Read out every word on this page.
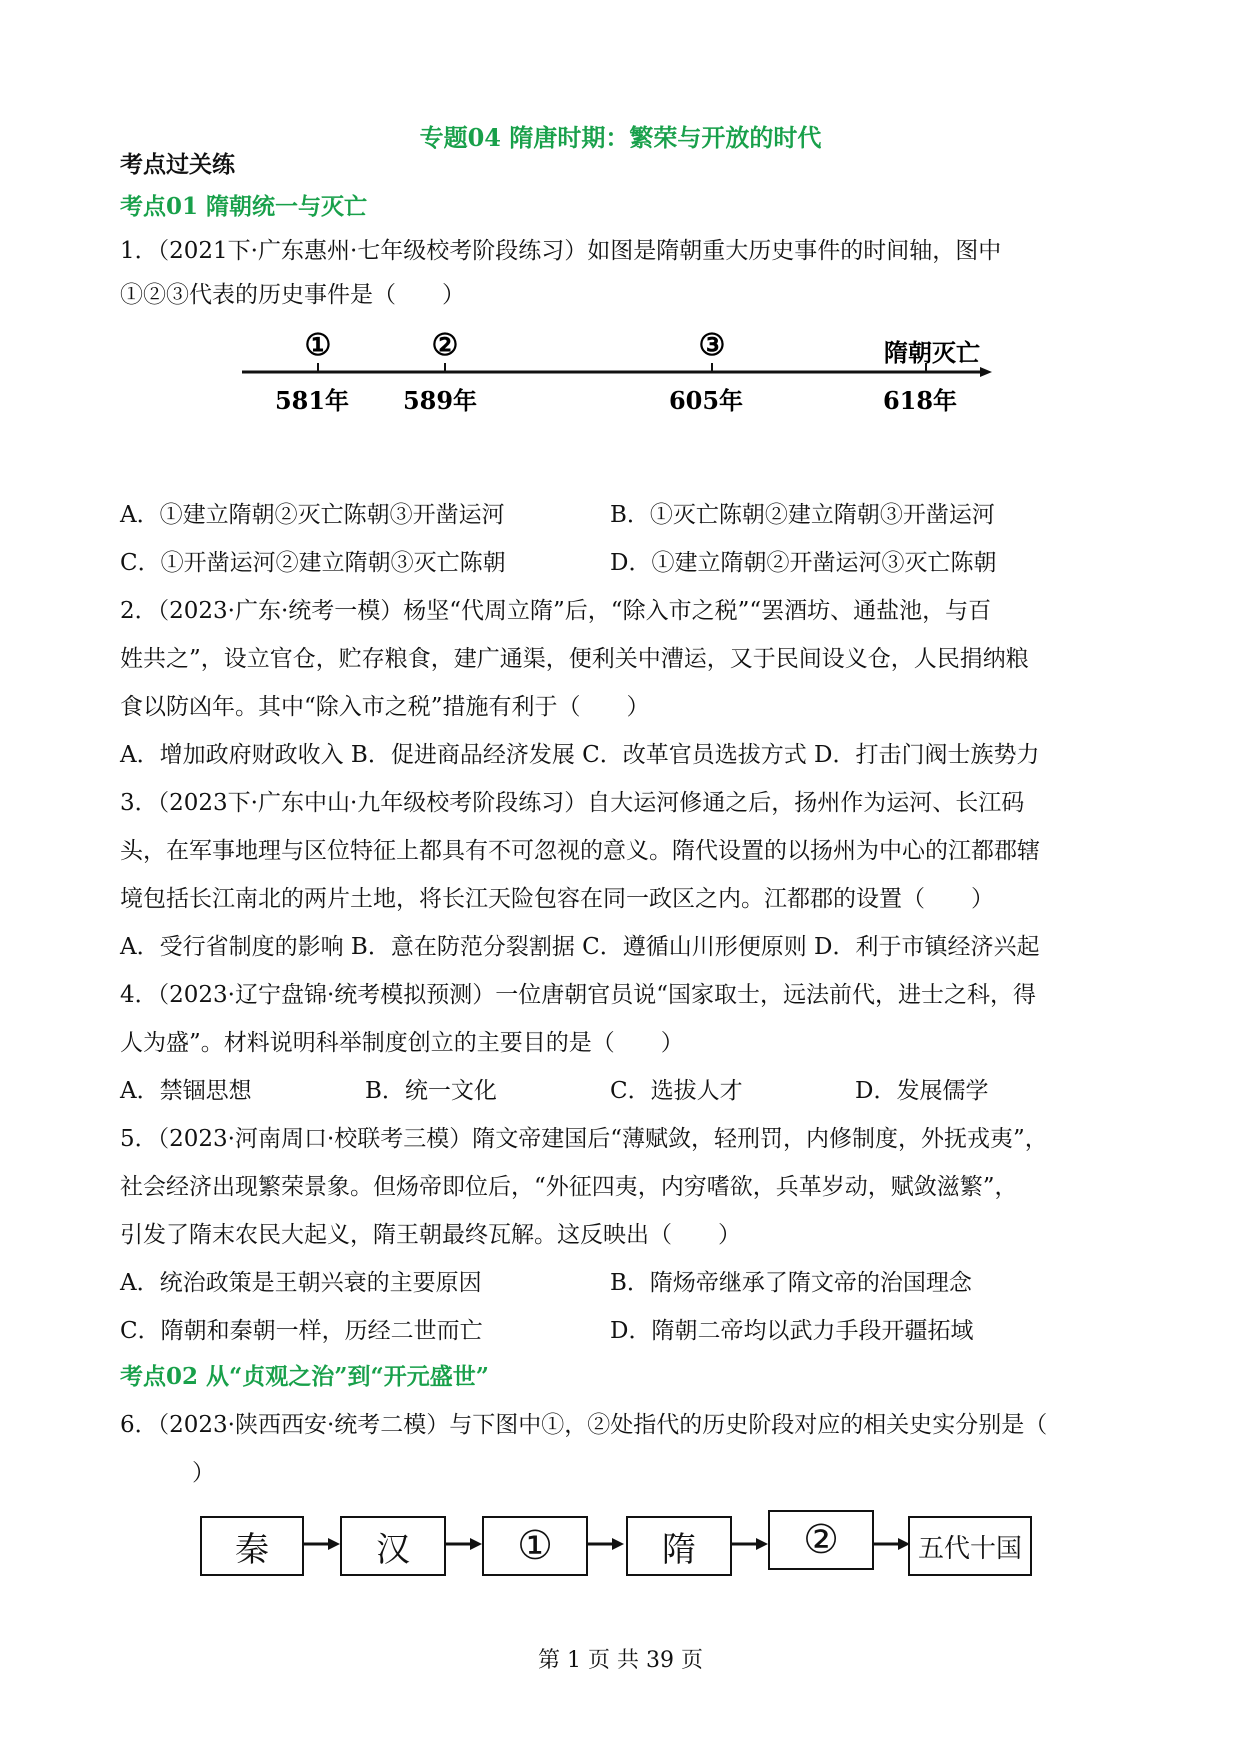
专题04 隋唐时期：繁荣与开放的时代
考点过关练
考点01 隋朝统一与灭亡
1．（2021下·广东惠州·七年级校考阶段练习）如图是隋朝重大历史事件的时间轴，图中
①②③代表的历史事件是（　　）
①	②	③	隋朝灭亡
581年 589年	605年	618年
A．①建立隋朝②灭亡陈朝③开凿运河	B．①灭亡陈朝②建立隋朝③开凿运河
C．①开凿运河②建立隋朝③灭亡陈朝	D．①建立隋朝②开凿运河③灭亡陈朝
2．（2023·广东·统考一模）杨坚“代周立隋”后，“除入市之税”“罢酒坊、通盐池，与百
姓共之”，设立官仓，贮存粮食，建广通渠，便利关中漕运，又于民间设义仓，人民捐纳粮
食以防凶年。其中“除入市之税”措施有利于（　　）
A．增加政府财政收入 B．促进商品经济发展 C．改革官员选拔方式 D．打击门阀士族势力
3．（2023下·广东中山·九年级校考阶段练习）自大运河修通之后，扬州作为运河、长江码
头，在军事地理与区位特征上都具有不可忽视的意义。隋代设置的以扬州为中心的江都郡辖
境包括长江南北的两片土地，将长江天险包容在同一政区之内。江都郡的设置（　　）
A．受行省制度的影响 B．意在防范分裂割据 C．遵循山川形便原则 D．利于市镇经济兴起
4．（2023·辽宁盘锦·统考模拟预测）一位唐朝官员说“国家取士，远法前代，进士之科，得
人为盛”。材料说明科举制度创立的主要目的是（　　）
A．禁锢思想	B．统一文化	C．选拔人才	D．发展儒学
5．（2023·河南周口·校联考三模）隋文帝建国后“薄赋敛，轻刑罚，内修制度，外抚戎夷”，
社会经济出现繁荣景象。但炀帝即位后，“外征四夷，内穷嗜欲，兵革岁动，赋敛滋繁”，
引发了隋末农民大起义，隋王朝最终瓦解。这反映出（　　）
A．统治政策是王朝兴衰的主要原因	B．隋炀帝继承了隋文帝的治国理念
C．隋朝和秦朝一样，历经二世而亡	D．隋朝二帝均以武力手段开疆拓域
考点02 从“贞观之治”到“开元盛世”
6．（2023·陕西西安·统考二模）与下图中①，②处指代的历史阶段对应的相关史实分别是（
）
秦	汉	①	隋	②	五代十国
第 1 页 共 39 页
